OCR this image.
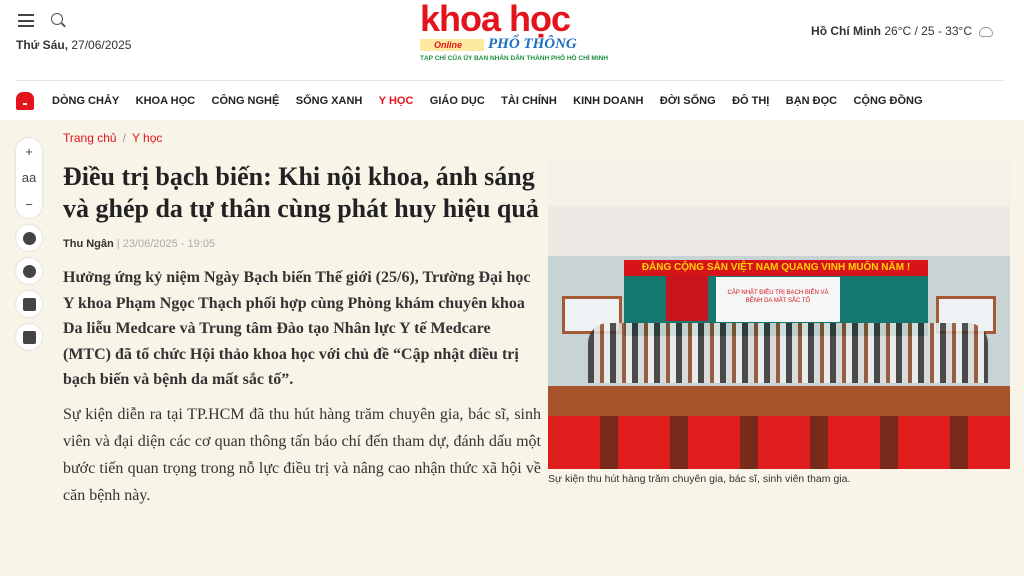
Thứ Sáu, 27/06/2025
khoa học
Online	PHỔ THÔNG
TẠP CHÍ CỦA ỦY BAN NHÂN DÂN THÀNH PHỐ HỒ CHÍ MINH
Hồ Chí Minh 26°C / 25 - 33°C
DÒNG CHẢY KHOA HỌC CÔNG NGHỆ SỐNG XANH Y HỌC GIÁO DỤC TÀI CHÍNH KINH DOANH ĐỜI SỐNG ĐÔ THỊ BẠN ĐỌC CỘNG ĐỒNG
+
aa
−
Trang chủ / Y học
Điều trị bạch biến: Khi nội khoa, ánh sáng và ghép da tự thân cùng phát huy hiệu quả
Thu Ngân | 23/06/2025 - 19:05

Hưởng ứng kỷ niệm Ngày Bạch biến Thế giới (25/6), Trường Đại học Y khoa Phạm Ngọc Thạch phối hợp cùng Phòng khám chuyên khoa Da liễu Medcare và Trung tâm Đào tạo Nhân lực Y tế Medcare (MTC) đã tổ chức Hội thảo khoa học với chủ đề “Cập nhật điều trị bạch biến và bệnh da mất sắc tố”.

Sự kiện diễn ra tại TP.HCM đã thu hút hàng trăm chuyên gia, bác sĩ, sinh viên và đại diện các cơ quan thông tấn báo chí đến tham dự, đánh dấu một bước tiến quan trọng trong nỗ lực điều trị và nâng cao nhận thức xã hội về căn bệnh này.

ĐẢNG CỘNG SẢN VIỆT NAM QUANG VINH MUÔN NĂM !
CẬP NHẬT ĐIỀU TRỊ BẠCH BIẾN VÀ BỆNH DA MẤT SẮC TỐ
Sự kiện thu hút hàng trăm chuyên gia, bác sĩ, sinh viên tham gia.
